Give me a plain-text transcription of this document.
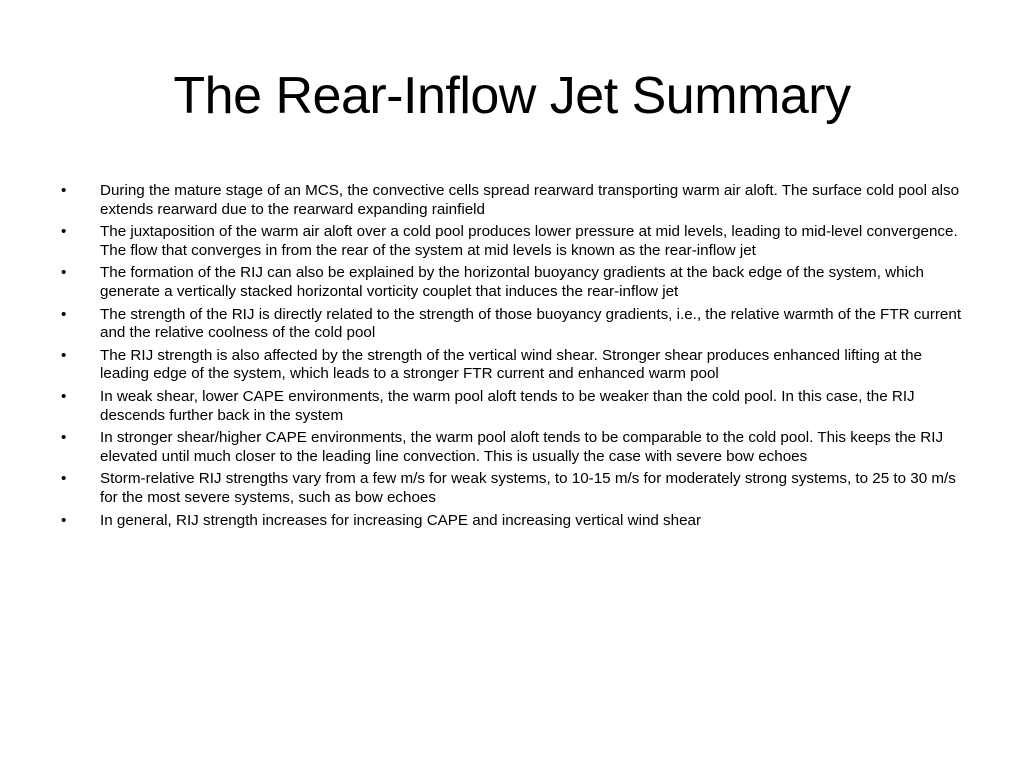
The Rear-Inflow Jet Summary
•	During the mature stage of an MCS, the convective cells spread rearward transporting warm air aloft. The surface cold pool also extends rearward due to the rearward expanding rainfield
•	The juxtaposition of the warm air aloft over a cold pool produces lower pressure at mid levels, leading to mid-level convergence. The flow that converges in from the rear of the system at mid levels is known as the rear-inflow jet
•	The formation of the RIJ can also be explained by the horizontal buoyancy gradients at the back edge of the system, which generate a vertically stacked horizontal vorticity couplet that induces the rear-inflow jet
•	The strength of the RIJ is directly related to the strength of those buoyancy gradients, i.e., the relative warmth of the FTR current and the relative coolness of the cold pool
•	The RIJ strength is also affected by the strength of the vertical wind shear. Stronger shear produces enhanced lifting at the leading edge of the system, which leads to a stronger FTR current and enhanced warm pool
•	In weak shear, lower CAPE environments, the warm pool aloft tends to be weaker than the cold pool. In this case, the RIJ descends further back in the system
•	In stronger shear/higher CAPE environments, the warm pool aloft tends to be comparable to the cold pool. This keeps the RIJ elevated until much closer to the leading line convection. This is usually the case with severe bow echoes
•	Storm-relative RIJ strengths vary from a few m/s for weak systems, to 10-15 m/s for moderately strong systems, to 25 to 30 m/s for the most severe systems, such as bow echoes
•	In general, RIJ strength increases for increasing CAPE and increasing vertical wind shear
